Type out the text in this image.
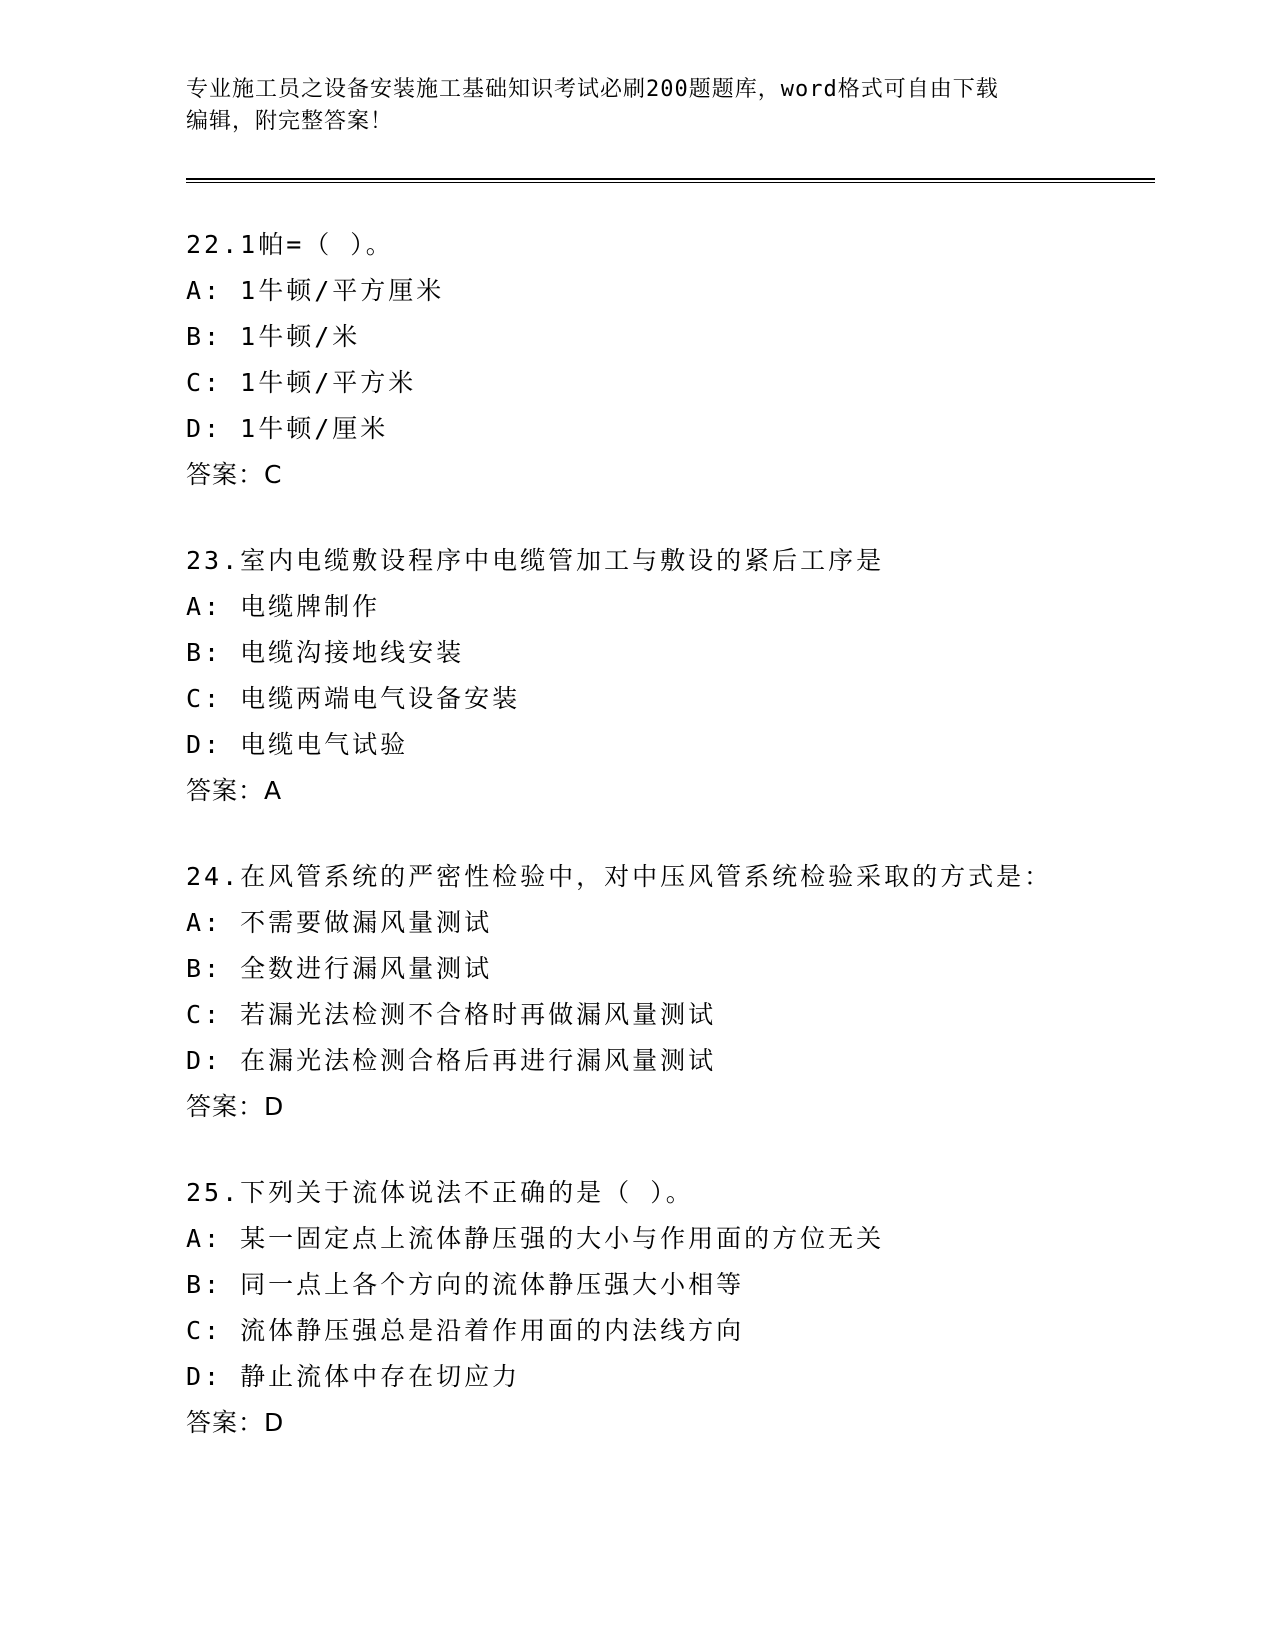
专业施工员之设备安装施工基础知识考试必刷200题题库，word格式可自由下载
编辑，附完整答案！
22.1帕=（ ）。
A: 1牛顿/平方厘米
B: 1牛顿/米
C: 1牛顿/平方米
D: 1牛顿/厘米
答案：C
23.室内电缆敷设程序中电缆管加工与敷设的紧后工序是
A: 电缆牌制作
B: 电缆沟接地线安装
C: 电缆两端电气设备安装
D: 电缆电气试验
答案：A
24.在风管系统的严密性检验中，对中压风管系统检验采取的方式是：
A: 不需要做漏风量测试
B: 全数进行漏风量测试
C: 若漏光法检测不合格时再做漏风量测试
D: 在漏光法检测合格后再进行漏风量测试
答案：D
25.下列关于流体说法不正确的是（ ）。
A: 某一固定点上流体静压强的大小与作用面的方位无关
B: 同一点上各个方向的流体静压强大小相等
C: 流体静压强总是沿着作用面的内法线方向
D: 静止流体中存在切应力
答案：D
